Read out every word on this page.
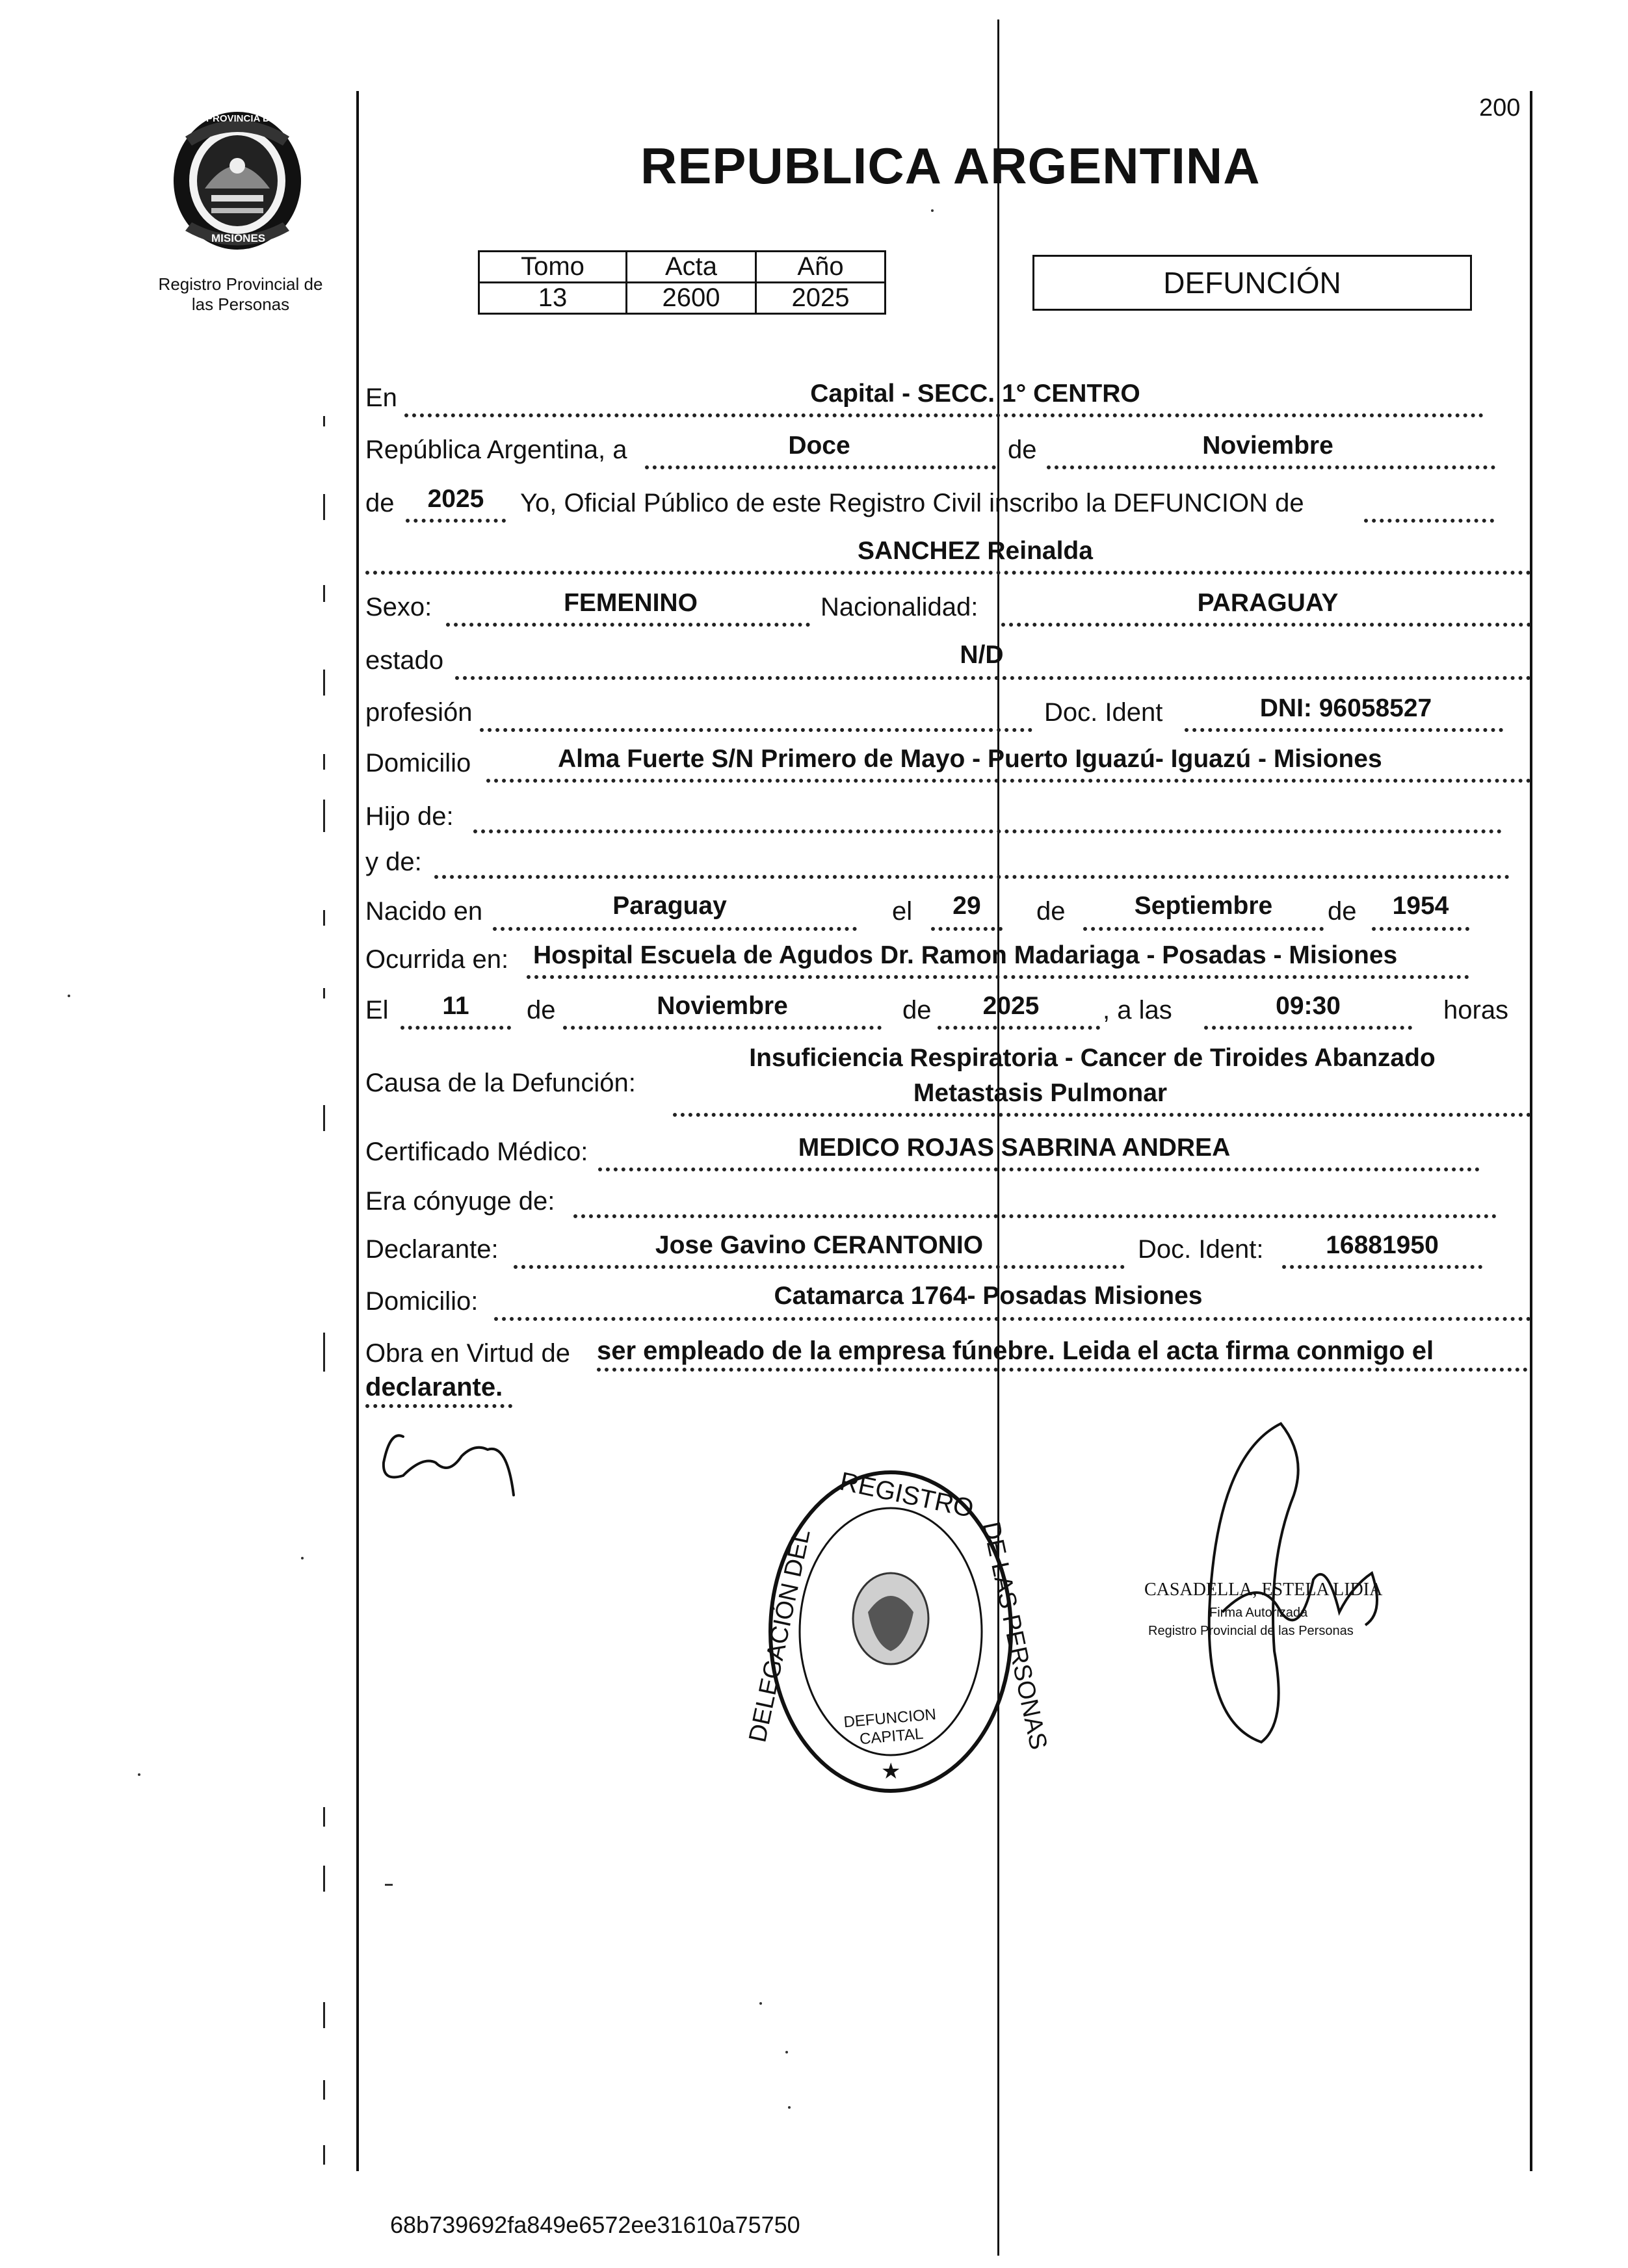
200
PROVINCIA DE
MISIONES
Registro Provincial de
las Personas
REPUBLICA ARGENTINA
Tomo	Acta	Año
13	2600	2025	DEFUNCIÓN
En	Capital - SECC. 1° CENTRO
República Argentina, a	Doce	de	Noviembre
de	2025	Yo, Oficial Público de este Registro Civil inscribo la DEFUNCION de
SANCHEZ Reinalda
Sexo:	FEMENINO	Nacionalidad:	PARAGUAY
estado	N/D
profesión	Doc. Ident	DNI: 96058527
Domicilio	Alma Fuerte S/N Primero de Mayo - Puerto Iguazú- Iguazú - Misiones
Hijo de:
y de:
Nacido en	Paraguay	el	29	de	Septiembre	de	1954
Ocurrida en: Hospital Escuela de Agudos Dr. Ramon Madariaga - Posadas - Misiones
El	11	de	Noviembre	de	2025	, a las	09:30	horas
Causa de la Defunción:
Insuficiencia Respiratoria - Cancer de Tiroides Abanzado
Metastasis Pulmonar
Certificado Médico:	MEDICO ROJAS SABRINA ANDREA
Era cónyuge de:
Declarante:	Jose Gavino CERANTONIO	Doc. Ident:	16881950
Domicilio:	Catamarca 1764- Posadas Misiones
Obra en Virtud de ser empleado de la empresa fúnebre. Leida el acta firma conmigo el
declarante.
REGISTRO
DELEGACIÓN DEL	DE LAS PERSONAS
DEFUNCION CAPITAL
★
CASADELLA, ESTELA LIDIA
Firma Autorizada
Registro Provincial de las Personas
68b739692fa849e6572ee31610a75750
